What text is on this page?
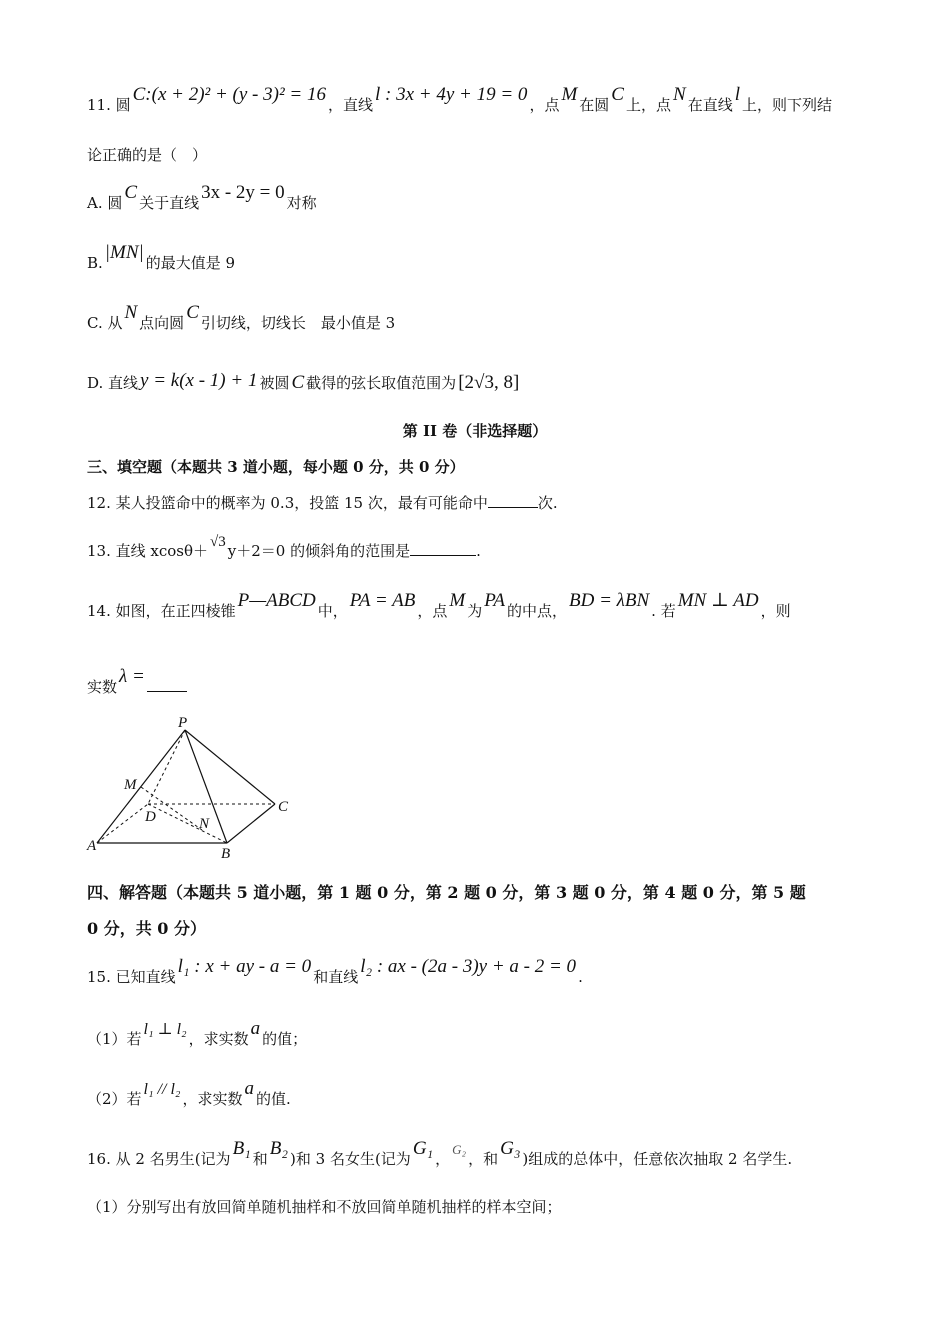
11. 圆 C:(x + 2)² + (y - 3)² = 16 ，直线 l : 3x + 4y + 19 = 0 ，点 M 在圆 C 上，点 N 在直线 l 上，则下列结
论正确的是（　）
A. 圆 C 关于直线 3x - 2y = 0 对称
B. |MN| 的最大值是 9
C. 从 N 点向圆 C 引切线，切线长　最小值是 3
D. 直线 y = k(x - 1) + 1 被圆 C 截得的弦长取值范围为 [2√3, 8]
第 II 卷（非选择题）
三、填空题（本题共 3 道小题，每小题 0 分，共 0 分）
12. 某人投篮命中的概率为 0.3，投篮 15 次，最有可能命中	次.
13. 直线 xcosθ＋ √3 y＋2＝0 的倾斜角的范围是	.
14. 如图，在正四棱锥 P—ABCD 中， PA = AB ，点 M 为 PA 的中点， BD = λBN . 若 MN ⊥ AD ，则
实数 λ =
P
M
D	N
C
A	B
四、解答题（本题共 5 道小题，第 1 题 0 分，第 2 题 0 分，第 3 题 0 分，第 4 题 0 分，第 5 题
0 分，共 0 分）
15. 已知直线 l₁ : x + ay - a = 0 和直线 l₂ : ax - (2a - 3)y + a - 2 = 0 .
（1）若l₁ ⊥ l₂，求实数 a 的值；
（2）若l₁ // l₂，求实数 a 的值.
16. 从 2 名男生(记为 B₁ 和 B₂ )和 3 名女生(记为 G₁ ，G₂，和 G₃ )组成的总体中，任意依次抽取 2 名学生.
（1）分别写出有放回简单随机抽样和不放回简单随机抽样的样本空间；
